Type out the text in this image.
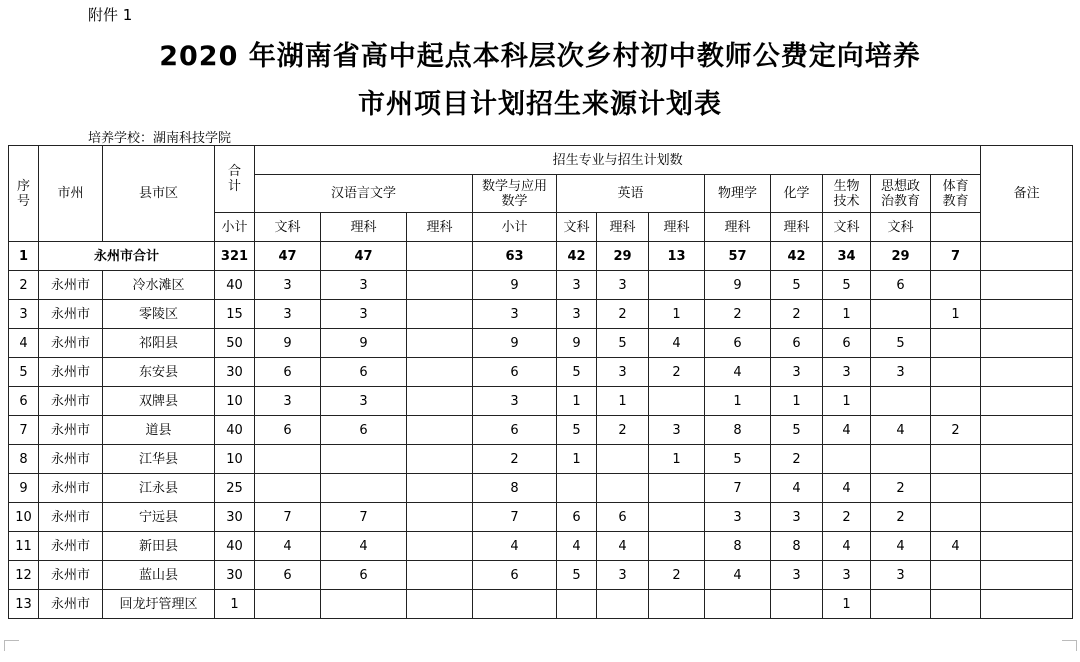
附件 1
2020 年湖南省高中起点本科层次乡村初中教师公费定向培养
市州项目计划招生来源计划表
培养学校：湖南科技学院
序号	市州	县市区	合计	招生专业与招生计划数												备注
				汉语言文学			数学与应用数学	英语			物理学	化学	生物技术	思想政治教育	体育教育	
			小计	文科	理科	理科	小计	文科	理科	理科	理科	理科	文科	文科		
1	永州市合计		321	47	47		63	42	29	13	57	42	34	29	7	
2	永州市	冷水滩区	40	3	3		9	3	3		9	5	5	6		
3	永州市	零陵区	15	3	3		3	3	2	1	2	2	1		1	
4	永州市	祁阳县	50	9	9		9	9	5	4	6	6	6	5		
5	永州市	东安县	30	6	6		6	5	3	2	4	3	3	3		
6	永州市	双牌县	10	3	3		3	1	1		1	1	1			
7	永州市	道县	40	6	6		6	5	2	3	8	5	4	4	2	
8	永州市	江华县	10				2	1		1	5	2				
9	永州市	江永县	25				8				7	4	4	2		
10	永州市	宁远县	30	7	7		7	6	6		3	3	2	2		
11	永州市	新田县	40	4	4		4	4	4		8	8	4	4	4	
12	永州市	蓝山县	30	6	6		6	5	3	2	4	3	3	3		
13	永州市	回龙圩管理区	1										1			
